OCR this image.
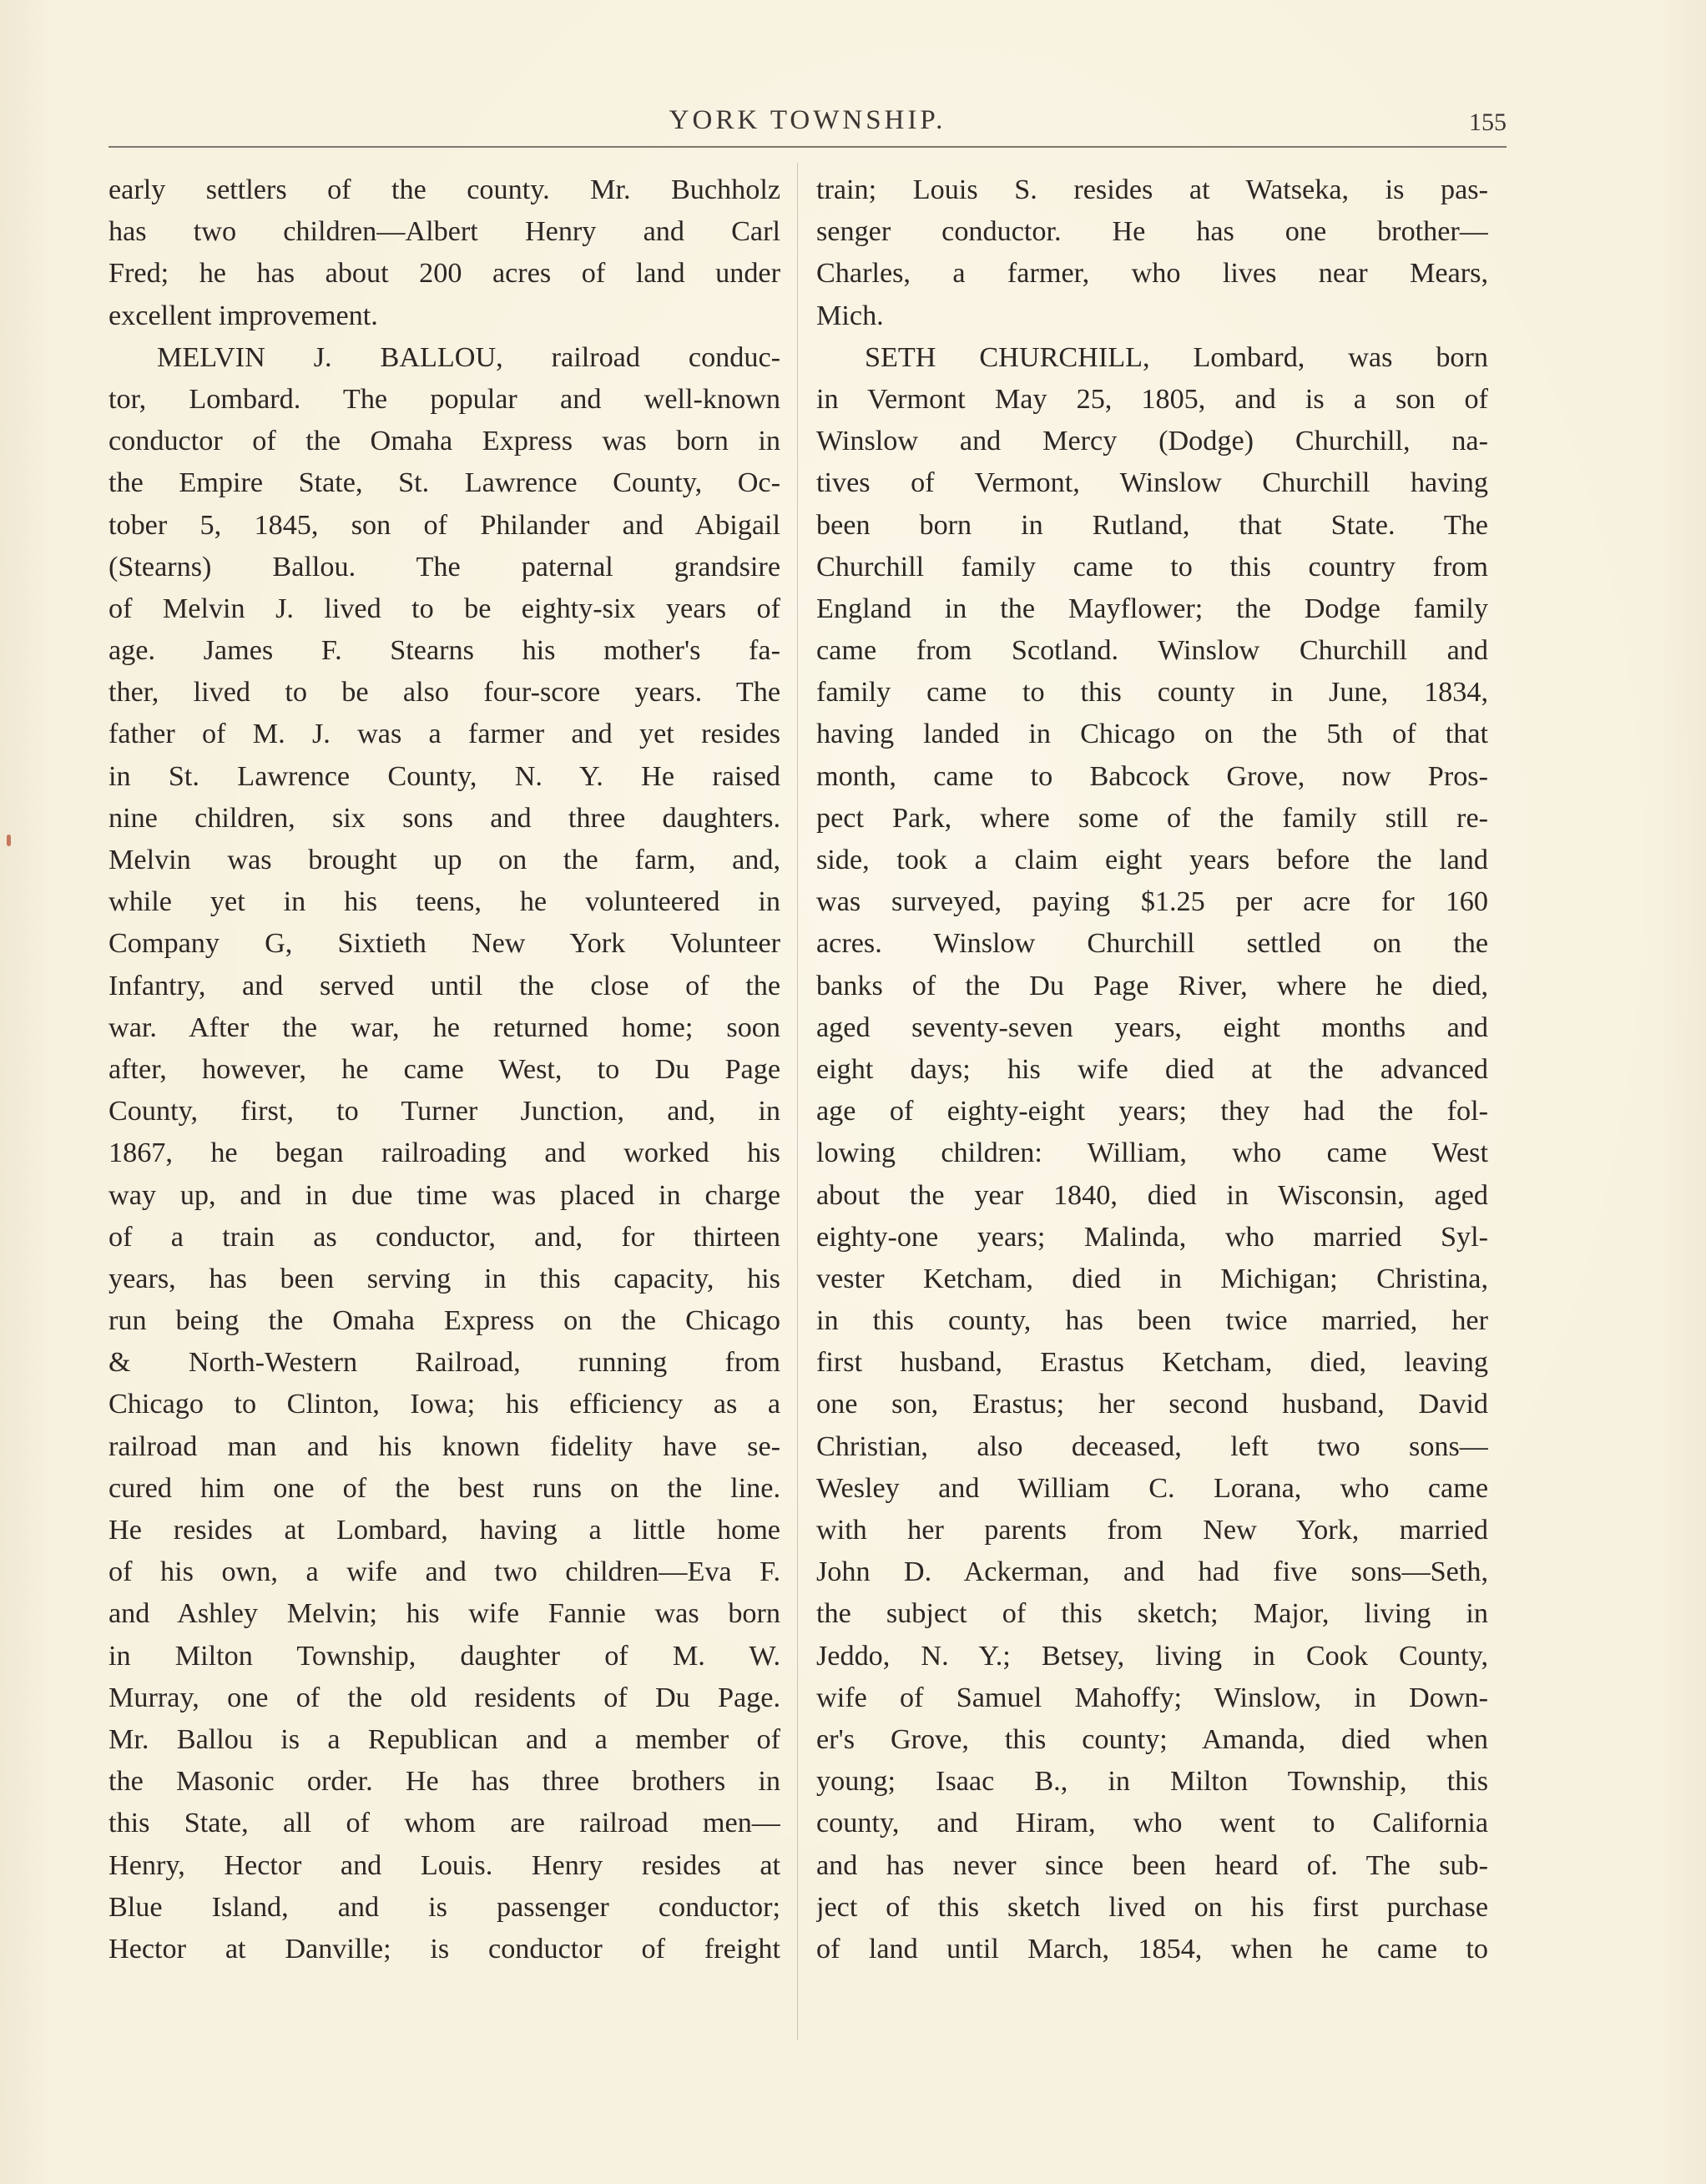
YORK TOWNSHIP.	155
early settlers of the county. Mr. Buchholz
has two children—Albert Henry and Carl
Fred; he has about 200 acres of land under
excellent improvement.
MELVIN J. BALLOU, railroad conduc-
tor, Lombard. The popular and well-known
conductor of the Omaha Express was born in
the Empire State, St. Lawrence County, Oc-
tober 5, 1845, son of Philander and Abigail
(Stearns) Ballou. The paternal grandsire
of Melvin J. lived to be eighty-six years of
age. James F. Stearns his mother's fa-
ther, lived to be also four-score years. The
father of M. J. was a farmer and yet resides
in St. Lawrence County, N. Y. He raised
nine children, six sons and three daughters.
Melvin was brought up on the farm, and,
while yet in his teens, he volunteered in
Company G, Sixtieth New York Volunteer
Infantry, and served until the close of the
war. After the war, he returned home; soon
after, however, he came West, to Du Page
County, first, to Turner Junction, and, in
1867, he began railroading and worked his
way up, and in due time was placed in charge
of a train as conductor, and, for thirteen
years, has been serving in this capacity, his
run being the Omaha Express on the Chicago
& North-Western Railroad, running from
Chicago to Clinton, Iowa; his efficiency as a
railroad man and his known fidelity have se-
cured him one of the best runs on the line.
He resides at Lombard, having a little home
of his own, a wife and two children—Eva F.
and Ashley Melvin; his wife Fannie was born
in Milton Township, daughter of M. W.
Murray, one of the old residents of Du Page.
Mr. Ballou is a Republican and a member of
the Masonic order. He has three brothers in
this State, all of whom are railroad men—
Henry, Hector and Louis. Henry resides at
Blue Island, and is passenger conductor;
Hector at Danville; is conductor of freight
train; Louis S. resides at Watseka, is pas-
senger conductor. He has one brother—
Charles, a farmer, who lives near Mears,
Mich.
SETH CHURCHILL, Lombard, was born
in Vermont May 25, 1805, and is a son of
Winslow and Mercy (Dodge) Churchill, na-
tives of Vermont, Winslow Churchill having
been born in Rutland, that State. The
Churchill family came to this country from
England in the Mayflower; the Dodge family
came from Scotland. Winslow Churchill and
family came to this county in June, 1834,
having landed in Chicago on the 5th of that
month, came to Babcock Grove, now Pros-
pect Park, where some of the family still re-
side, took a claim eight years before the land
was surveyed, paying $1.25 per acre for 160
acres. Winslow Churchill settled on the
banks of the Du Page River, where he died,
aged seventy-seven years, eight months and
eight days; his wife died at the advanced
age of eighty-eight years; they had the fol-
lowing children: William, who came West
about the year 1840, died in Wisconsin, aged
eighty-one years; Malinda, who married Syl-
vester Ketcham, died in Michigan; Christina,
in this county, has been twice married, her
first husband, Erastus Ketcham, died, leaving
one son, Erastus; her second husband, David
Christian, also deceased, left two sons—
Wesley and William C. Lorana, who came
with her parents from New York, married
John D. Ackerman, and had five sons—Seth,
the subject of this sketch; Major, living in
Jeddo, N. Y.; Betsey, living in Cook County,
wife of Samuel Mahoffy; Winslow, in Down-
er's Grove, this county; Amanda, died when
young; Isaac B., in Milton Township, this
county, and Hiram, who went to California
and has never since been heard of. The sub-
ject of this sketch lived on his first purchase
of land until March, 1854, when he came to
